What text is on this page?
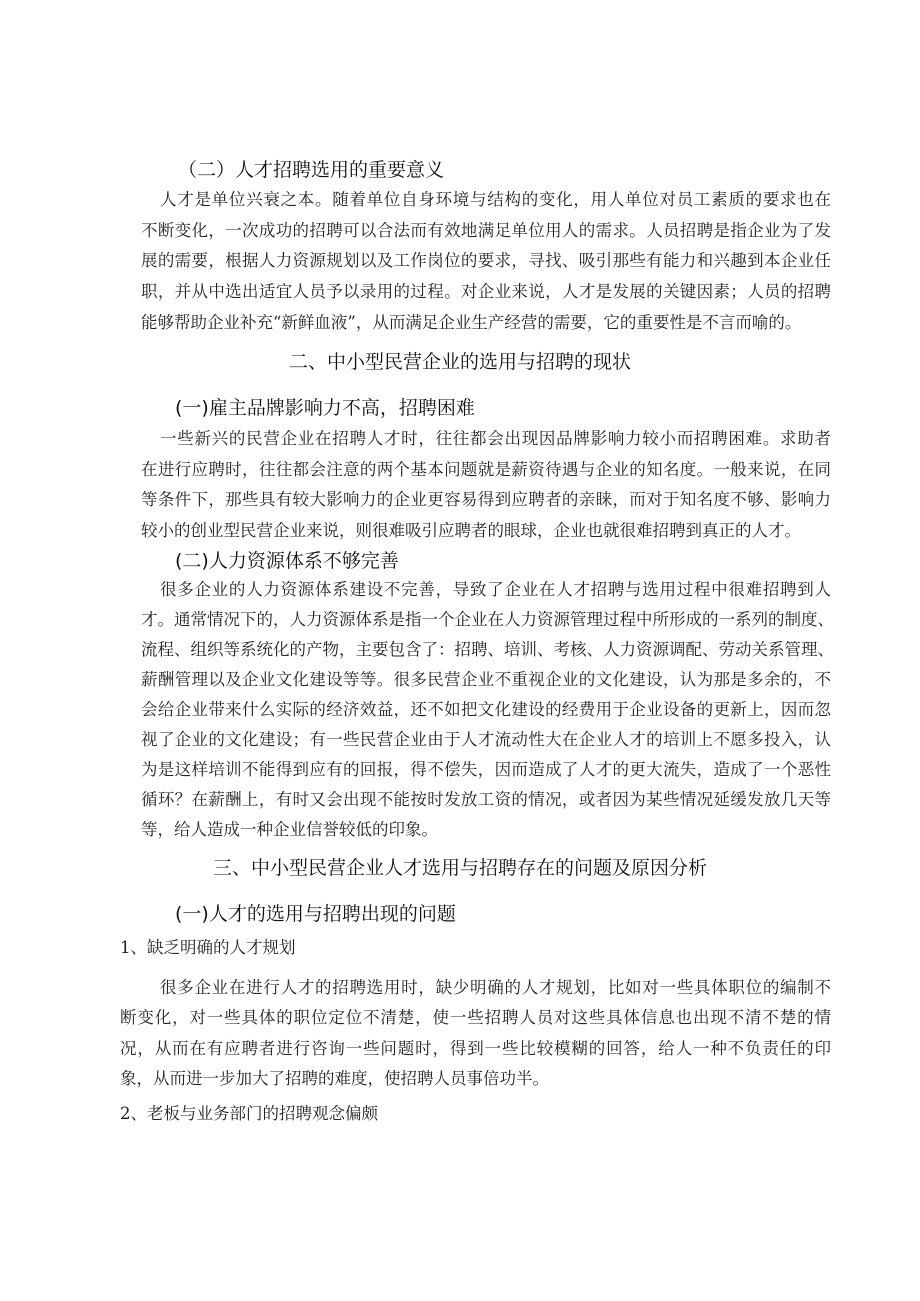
（二）人才招聘选用的重要意义
人才是单位兴衰之本。随着单位自身环境与结构的变化，用人单位对员工素质的要求也在
不断变化，一次成功的招聘可以合法而有效地满足单位用人的需求。人员招聘是指企业为了发
展的需要，根据人力资源规划以及工作岗位的要求，寻找、吸引那些有能力和兴趣到本企业任
职，并从中选出适宜人员予以录用的过程。对企业来说，人才是发展的关键因素；人员的招聘
能够帮助企业补充“新鲜血液”，从而满足企业生产经营的需要，它的重要性是不言而喻的。
二、中小型民营企业的选用与招聘的现状
(一)雇主品牌影响力不高，招聘困难
一些新兴的民营企业在招聘人才时，往往都会出现因品牌影响力较小而招聘困难。求助者
在进行应聘时，往往都会注意的两个基本问题就是薪资待遇与企业的知名度。一般来说，在同
等条件下，那些具有较大影响力的企业更容易得到应聘者的亲睐，而对于知名度不够、影响力
较小的创业型民营企业来说，则很难吸引应聘者的眼球，企业也就很难招聘到真正的人才。
(二)人力资源体系不够完善
很多企业的人力资源体系建设不完善，导致了企业在人才招聘与选用过程中很难招聘到人
才。通常情况下的，人力资源体系是指一个企业在人力资源管理过程中所形成的一系列的制度、
流程、组织等系统化的产物，主要包含了：招聘、培训、考核、人力资源调配、劳动关系管理、
薪酬管理以及企业文化建设等等。很多民营企业不重视企业的文化建设，认为那是多余的，不
会给企业带来什么实际的经济效益，还不如把文化建设的经费用于企业设备的更新上，因而忽
视了企业的文化建设；有一些民营企业由于人才流动性大在企业人才的培训上不愿多投入，认
为是这样培训不能得到应有的回报，得不偿失，因而造成了人才的更大流失，造成了一个恶性
循环？在薪酬上，有时又会出现不能按时发放工资的情况，或者因为某些情况延缓发放几天等
等，给人造成一种企业信誉较低的印象。
三、中小型民营企业人才选用与招聘存在的问题及原因分析
(一)人才的选用与招聘出现的问题
1、缺乏明确的人才规划
很多企业在进行人才的招聘选用时，缺少明确的人才规划，比如对一些具体职位的编制不
断变化，对一些具体的职位定位不清楚，使一些招聘人员对这些具体信息也出现不清不楚的情
况，从而在有应聘者进行咨询一些问题时，得到一些比较模糊的回答，给人一种不负责任的印
象，从而进一步加大了招聘的难度，使招聘人员事倍功半。
2、老板与业务部门的招聘观念偏颇
